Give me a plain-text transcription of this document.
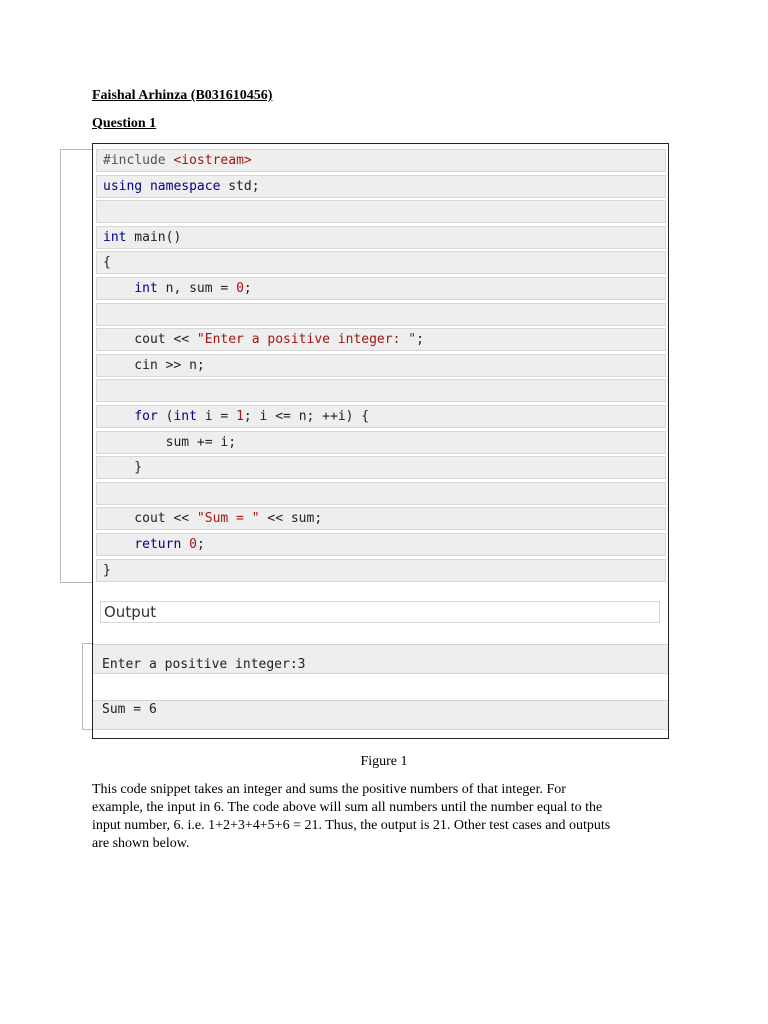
Faishal Arhinza (B031610456)
Question 1
#include <iostream>
using namespace std;
int main()
{
int n, sum = 0;
cout << "Enter a positive integer: ";
cin >> n;
for (int i = 1; i <= n; ++i) {
sum += i;
}
cout << "Sum = " << sum;
return 0;
}
Output
Enter a positive integer:3
Sum = 6
Figure 1
This code snippet takes an integer and sums the positive numbers of that integer. For
example, the input in 6. The code above will sum all numbers until the number equal to the
input number, 6. i.e. 1+2+3+4+5+6 = 21. Thus, the output is 21. Other test cases and outputs
are shown below.
